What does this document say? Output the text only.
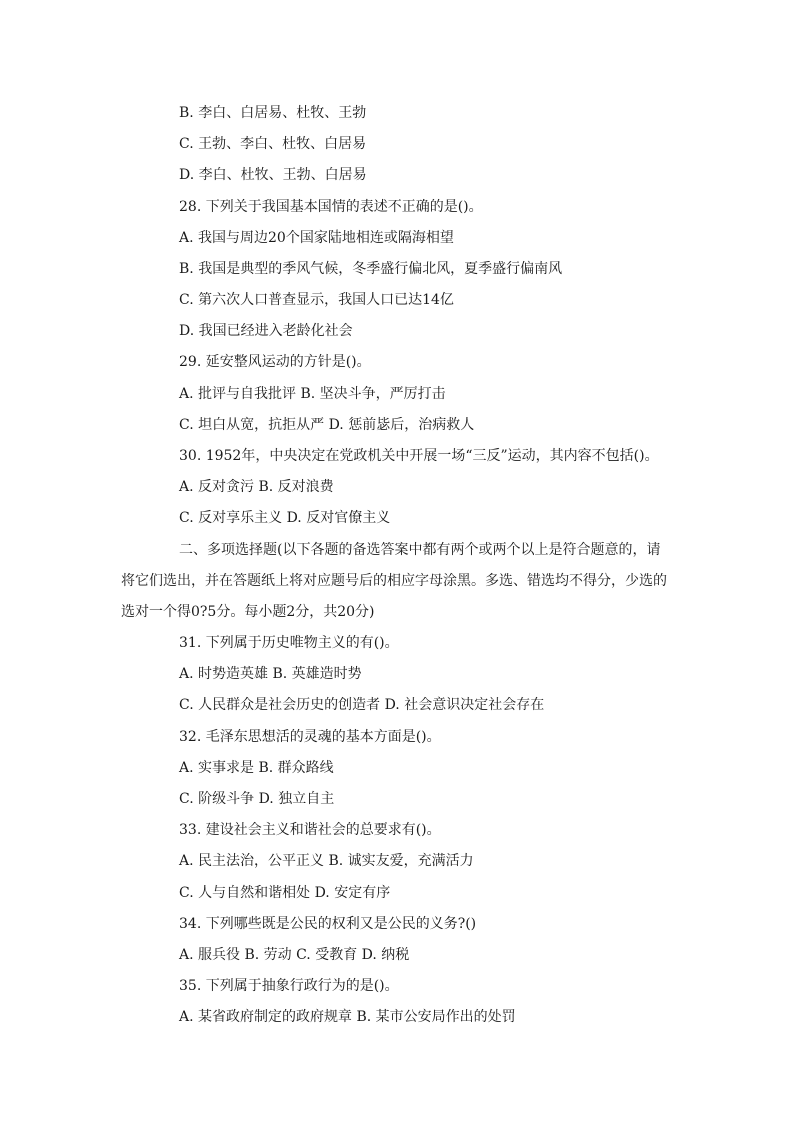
B. 李白、白居易、杜牧、王勃
C. 王勃、李白、杜牧、白居易
D. 李白、杜牧、王勃、白居易
28. 下列关于我国基本国情的表述不正确的是()。
A. 我国与周边20个国家陆地相连或隔海相望
B. 我国是典型的季风气候，冬季盛行偏北风，夏季盛行偏南风
C. 第六次人口普查显示，我国人口已达14亿
D. 我国已经进入老龄化社会
29. 延安整风运动的方针是()。
A. 批评与自我批评 B. 坚决斗争，严厉打击
C. 坦白从宽，抗拒从严 D. 惩前毖后，治病救人
30. 1952年，中央决定在党政机关中开展一场“三反”运动，其内容不包括()。
A. 反对贪污 B. 反对浪费
C. 反对享乐主义 D. 反对官僚主义
二、多项选择题(以下各题的备选答案中都有两个或两个以上是符合题意的，请
将它们选出，并在答题纸上将对应题号后的相应字母涂黑。多选、错选均不得分，少选的
选对一个得0?5分。每小题2分，共20分)
31. 下列属于历史唯物主义的有()。
A. 时势造英雄 B. 英雄造时势
C. 人民群众是社会历史的创造者 D. 社会意识决定社会存在
32. 毛泽东思想活的灵魂的基本方面是()。
A. 实事求是 B. 群众路线
C. 阶级斗争 D. 独立自主
33. 建设社会主义和谐社会的总要求有()。
A. 民主法治，公平正义 B. 诚实友爱，充满活力
C. 人与自然和谐相处 D. 安定有序
34. 下列哪些既是公民的权利又是公民的义务?()
A. 服兵役 B. 劳动 C. 受教育 D. 纳税
35. 下列属于抽象行政行为的是()。
A. 某省政府制定的政府规章 B. 某市公安局作出的处罚
